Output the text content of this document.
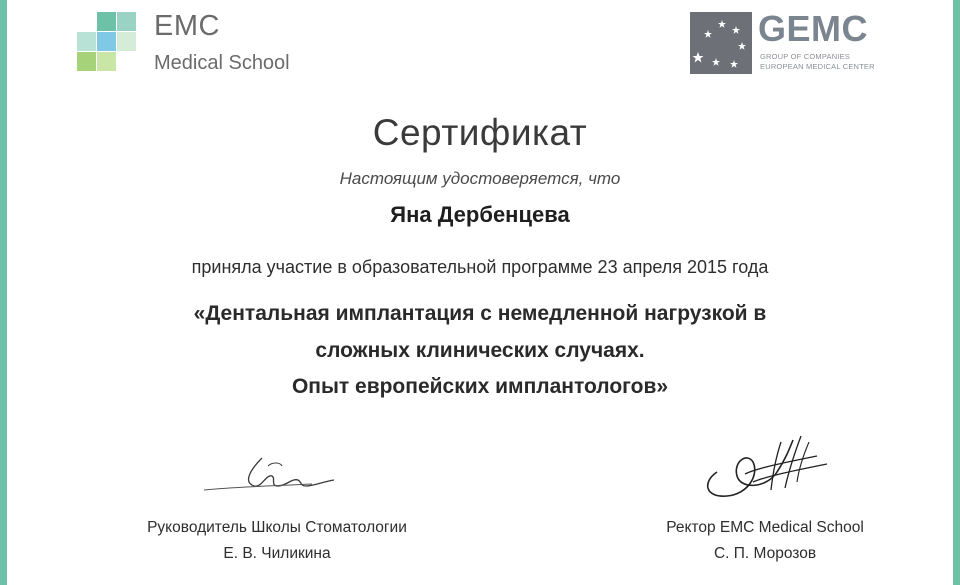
EMC
Medical School
GEMC
GROUP OF COMPANIES
EUROPEAN MEDICAL CENTER
Сертификат
Настоящим удостоверяется, что
Яна Дербенцева
приняла участие в образовательной программе 23 апреля 2015 года
«Дентальная имплантация с немедленной нагрузкой в
сложных клинических случаях.
Опыт европейских имплантологов»
Руководитель Школы Стоматологии
Е. В. Чиликина
Ректор EMC Medical School
С. П. Морозов
